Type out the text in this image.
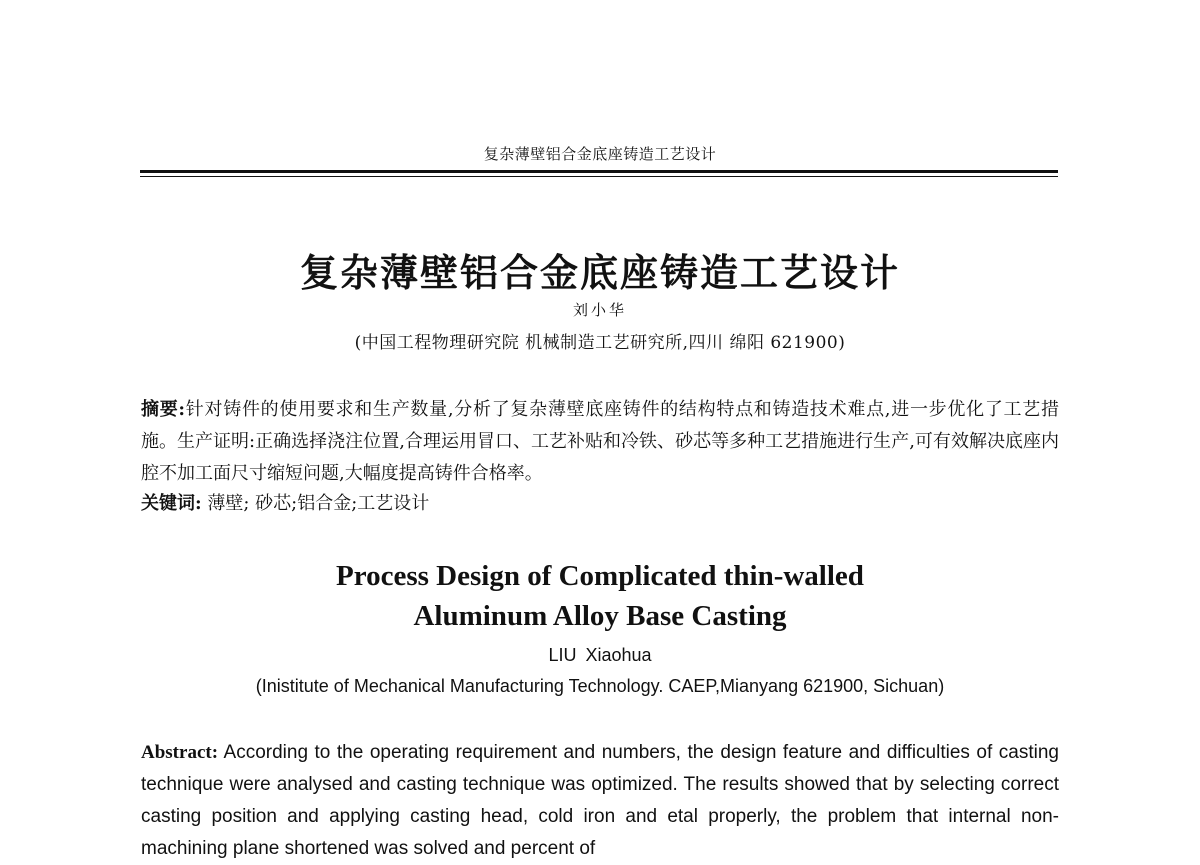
复杂薄壁铝合金底座铸造工艺设计
复杂薄壁铝合金底座铸造工艺设计
刘小华
(中国工程物理研究院 机械制造工艺研究所,四川 绵阳 621900)
摘要:针对铸件的使用要求和生产数量,分析了复杂薄壁底座铸件的结构特点和铸造技术难点,进一步优化了工艺措施。生产证明:正确选择浇注位置,合理运用冒口、工艺补贴和冷铁、砂芯等多种工艺措施进行生产,可有效解决底座内腔不加工面尺寸缩短问题,大幅度提高铸件合格率。
关键词: 薄壁; 砂芯;铝合金;工艺设计
Process Design of Complicated thin-walled
Aluminum Alloy Base Casting
LIU Xiaohua
(Inistitute of Mechanical Manufacturing Technology. CAEP,Mianyang 621900, Sichuan)
Abstract: According to the operating requirement and numbers, the design feature and difficulties of casting technique were analysed and casting technique was optimized. The results showed that by selecting correct casting position and applying casting head, cold iron and etal properly, the problem that internal non-machining plane shortened was solved and percent of
